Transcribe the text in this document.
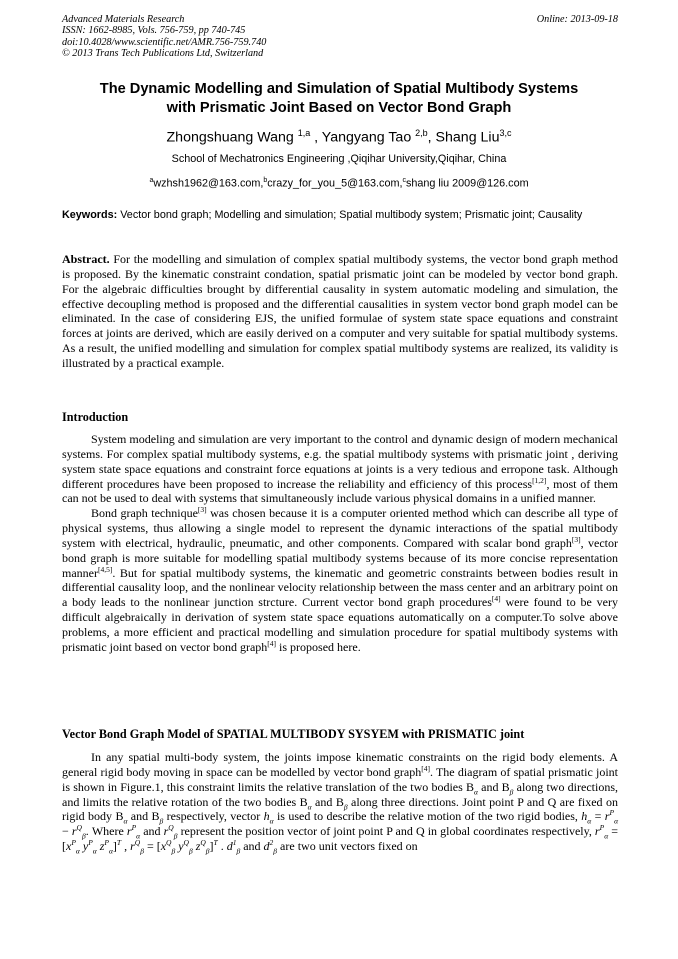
Advanced Materials Research
ISSN: 1662-8985, Vols. 756-759, pp 740-745
doi:10.4028/www.scientific.net/AMR.756-759.740
© 2013 Trans Tech Publications Ltd, Switzerland
Online: 2013-09-18
The Dynamic Modelling and Simulation of Spatial Multibody Systems
with Prismatic Joint Based on Vector Bond Graph
Zhongshuang Wang $^{1,a}$ , Yangyang Tao $^{2,b}$, Shang Liu$^{3,c}$
School of Mechatronics Engineering ,Qiqihar University,Qiqihar, China
$^a$wzhsh1962@163.com,$^b$crazy_for_you_5@163.com,$^c$shang liu 2009@126.com
Keywords: Vector bond graph; Modelling and simulation; Spatial multibody system; Prismatic joint; Causality
Abstract. For the modelling and simulation of complex spatial multibody systems, the vector bond graph method is proposed. By the kinematic constraint condation, spatial prismatic joint can be modeled by vector bond graph. For the algebraic difficulties brought by differential causality in system automatic modeling and simulation, the effective decoupling method is proposed and the differential causalities in system vector bond graph model can be eliminated. In the case of considering EJS, the unified formulae of system state space equations and constraint forces at joints are derived, which are easily derived on a computer and very suitable for spatial multibody systems. As a result, the unified modelling and simulation for complex spatial multibody systems are realized, its validity is illustrated by a practical example.
Introduction

System modeling and simulation are very important to the control and dynamic design of modern mechanical systems. For complex spatial multibody systems, e.g. the spatial multibody systems with prismatic joint , deriving system state space equations and constraint force equations at joints is a very tedious and erropone task. Although different procedures have been proposed to increase the reliability and efficiency of this process[1,2], most of them can not be used to deal with systems that simultaneously include various physical domains in a unified manner.

Bond graph technique[3] was chosen because it is a computer oriented method which can describe all type of physical systems, thus allowing a single model to represent the dynamic interactions of the spatial multibody system with electrical, hydraulic, pneumatic, and other components. Compared with scalar bond graph[3], vector bond graph is more suitable for modelling spatial multibody systems because of its more concise representation manner[4,5]. But for spatial multibody systems, the kinematic and geometric constraints between bodies result in differential causality loop, and the nonlinear velocity relationship between the mass center and an arbitrary point on a body leads to the nonlinear junction strcture. Current vector bond graph procedures[4] were found to be very difficult algebraically in derivation of system state space equations automatically on a computer.To solve above problems, a more efficient and practical modelling and simulation procedure for spatial multibody systems with prismatic joint based on vector bond graph[4] is proposed here.

Vector Bond Graph Model of SPATIAL MULTIBODY SYSYEM with PRISMATIC joint

In any spatial multi-body system, the joints impose kinematic constraints on the rigid body elements. A general rigid body moving in space can be modelled by vector bond graph[4]. The diagram of spatial prismatic joint is shown in Figure.1, this constraint limits the relative translation of the two bodies $B_\alpha$ and $B_\beta$ along two directions, and limits the relative rotation of the two bodies $B_\alpha$ and $B_\beta$ along three directions. Joint point P and Q are fixed on rigid body $B_\alpha$ and $B_\beta$ respectively, vector $h_\alpha$ is used to describe the relative motion of the two rigid bodies, $h_\alpha = r^P_\alpha - r^Q_\beta$. Where $r^P_\alpha$ and $r^Q_\beta$ represent the position vector of joint point P and Q in global coordinates respectively, $r^P_\alpha =[x^P_\alpha$ $y^P_\alpha$ $z^P_\alpha]^T$ , $r^Q_\beta = [x^Q_\beta$ $y^Q_\beta$ $z^Q_\beta]^T$ . $d^1_\beta$ and $d^2_\beta$ are two unit vectors fixed on
